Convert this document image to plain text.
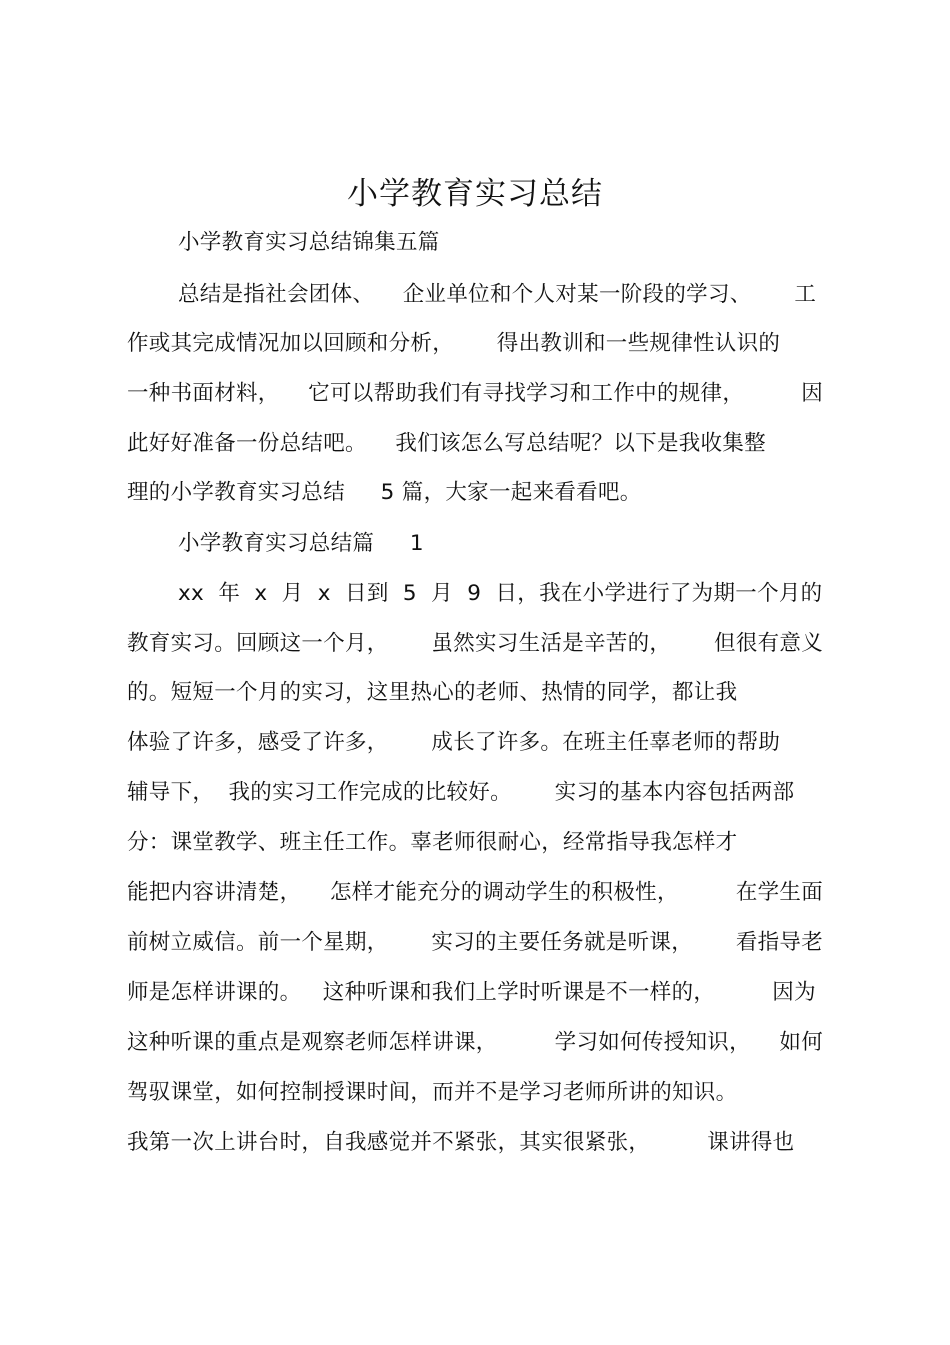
小学教育实习总结
小学教育实习总结锦集五篇
总结是指社会团体、    企业单位和个人对某一阶段的学习、      工
作或其完成情况加以回顾和分析，      得出教训和一些规律性认识的
一种书面材料，    它可以帮助我们有寻找学习和工作中的规律，        因
此好好准备一份总结吧。    我们该怎么写总结呢？以下是我收集整
理的小学教育实习总结     5 篇，大家一起来看看吧。
小学教育实习总结篇     1
xx  年  x  月  x  日到  5  月  9  日，我在小学进行了为期一个月的
教育实习。回顾这一个月，      虽然实习生活是辛苦的，      但很有意义
的。短短一个月的实习，这里热心的老师、热情的同学，都让我
体验了许多，感受了许多，      成长了许多。在班主任辜老师的帮助
辅导下，  我的实习工作完成的比较好。      实习的基本内容包括两部
分：课堂教学、班主任工作。辜老师很耐心，经常指导我怎样才
能把内容讲清楚，    怎样才能充分的调动学生的积极性，        在学生面
前树立威信。前一个星期，      实习的主要任务就是听课，      看指导老
师是怎样讲课的。   这种听课和我们上学时听课是不一样的，        因为
这种听课的重点是观察老师怎样讲课，        学习如何传授知识，    如何
驾驭课堂，如何控制授课时间，而并不是学习老师所讲的知识。
我第一次上讲台时，自我感觉并不紧张，其实很紧张，        课讲得也
